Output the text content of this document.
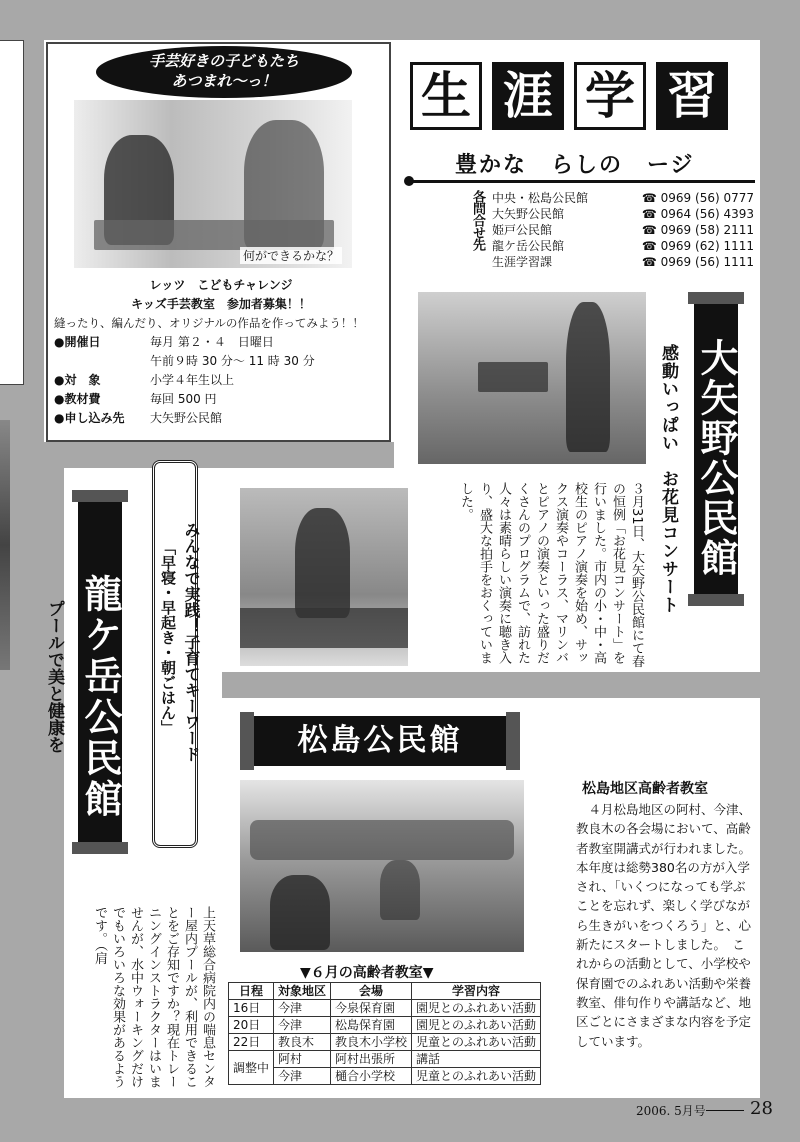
手芸好きの子どもたち
あつまれ〜っ！
何ができるかな？
レッツ　こどもチャレンジ
キッズ手芸教室　参加者募集！！
縫ったり、編んだり、オリジナルの作品を作ってみよう！！
●開催日	毎月 第２・４　日曜日
午前９時 30 分〜 11 時 30 分
●対　象	小学４年生以上
●教材費	毎回 500 円
●申し込み先	大矢野公民館
生 涯 学 習
豊かな　らしの　ージ
各問合せ先 中央・松島公民館	☎ 0969 (56) 0777
大矢野公民館	☎ 0964 (56) 4393
姫戸公民館	☎ 0969 (58) 2111
龍ケ岳公民館	☎ 0969 (62) 1111
生涯学習課	☎ 0969 (56) 1111
大矢野公民館
感動いっぱい　お花見コンサート
３月31日、大矢野公民館にて春の恒例「お花見コンサート」を行いました。市内の小・中・高校生のピアノ演奏を始め、サックス演奏やコーラス、マリンバとピアノの演奏といった盛りだくさんのプログラムで、訪れた人々は素晴らしい演奏に聴き入り、盛大な拍手をおくっていました。
龍ケ岳公民館
プールで美と健康を	みんなで実践！子育てキーワード
「早寝・早起き・朝ごはん」
上天草総合病院内の喘息センター屋内プールが、利用できることをご存知ですか？現在トレーニングインストラクターはいませんが、水中ウォーキングだけでもいろいろな効果があるようです。（肩
松島公民館
▼６月の高齢者教室▼
日程	対象地区	会場	学習内容
16日	今津	今泉保育園	園児とのふれあい活動
20日	今津	松島保育園	園児とのふれあい活動
22日	教良木	教良木小学校	児童とのふれあい活動
調整中	阿村	阿村出張所	講話
	今津	樋合小学校	児童とのふれあい活動
松島地区高齢者教室
４月松島地区の阿村、今津、教良木の各会場において、高齢者教室開講式が行われました。本年度は総勢380名の方が入学され、「いくつになっても学ぶことを忘れず、楽しく学びながら生きがいをつくろう」と、心新たにスタートしました。　これからの活動として、小学校や保育園でのふれあい活動や栄養教室、俳句作りや講話など、地区ごとにさまざまな内容を予定しています。
2006. 5月号 28
